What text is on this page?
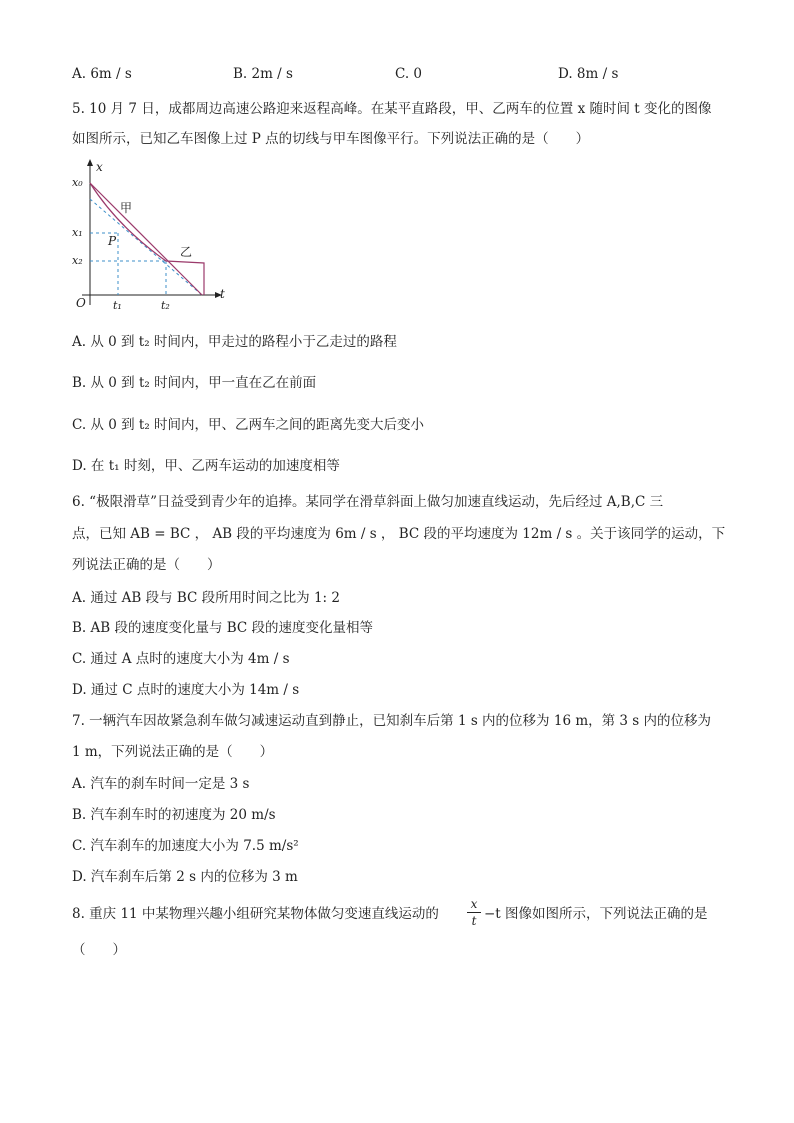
A. 6m / s	B. 2m / s	C. 0	D. 8m / s
5. 10 月 7 日，成都周边高速公路迎来返程高峰。在某平直路段，甲、乙两车的位置 x 随时间 t 变化的图像
如图所示，已知乙车图像上过 P 点的切线与甲车图像平行。下列说法正确的是（　　）
x
t
O
x₀
x₁
x₂
t₁	t₂
甲
乙
P
A. 从 0 到 t₂ 时间内，甲走过的路程小于乙走过的路程
B. 从 0 到 t₂ 时间内，甲一直在乙在前面
C. 从 0 到 t₂ 时间内，甲、乙两车之间的距离先变大后变小
D. 在 t₁ 时刻，甲、乙两车运动的加速度相等
6. “极限滑草”日益受到青少年的追捧。某同学在滑草斜面上做匀加速直线运动，先后经过 A,B,C 三
点，已知 AB = BC ， AB 段的平均速度为 6m / s ， BC 段的平均速度为 12m / s 。关于该同学的运动，下
列说法正确的是（　　）
A. 通过 AB 段与 BC 段所用时间之比为 1: 2
B. AB 段的速度变化量与 BC 段的速度变化量相等
C. 通过 A 点时的速度大小为 4m / s
D. 通过 C 点时的速度大小为 14m / s
7. 一辆汽车因故紧急刹车做匀减速运动直到静止，已知刹车后第 1 s 内的位移为 16 m，第 3 s 内的位移为
1 m，下列说法正确的是（　　）
A. 汽车的刹车时间一定是 3 s
B. 汽车刹车时的初速度为 20 m/s
C. 汽车刹车的加速度大小为 7.5 m/s²
D. 汽车刹车后第 2 s 内的位移为 3 m
8. 重庆 11 中某物理兴趣小组研究某物体做匀变速直线运动的
x
t −t 图像如图所示，下列说法正确的是
（　　）
